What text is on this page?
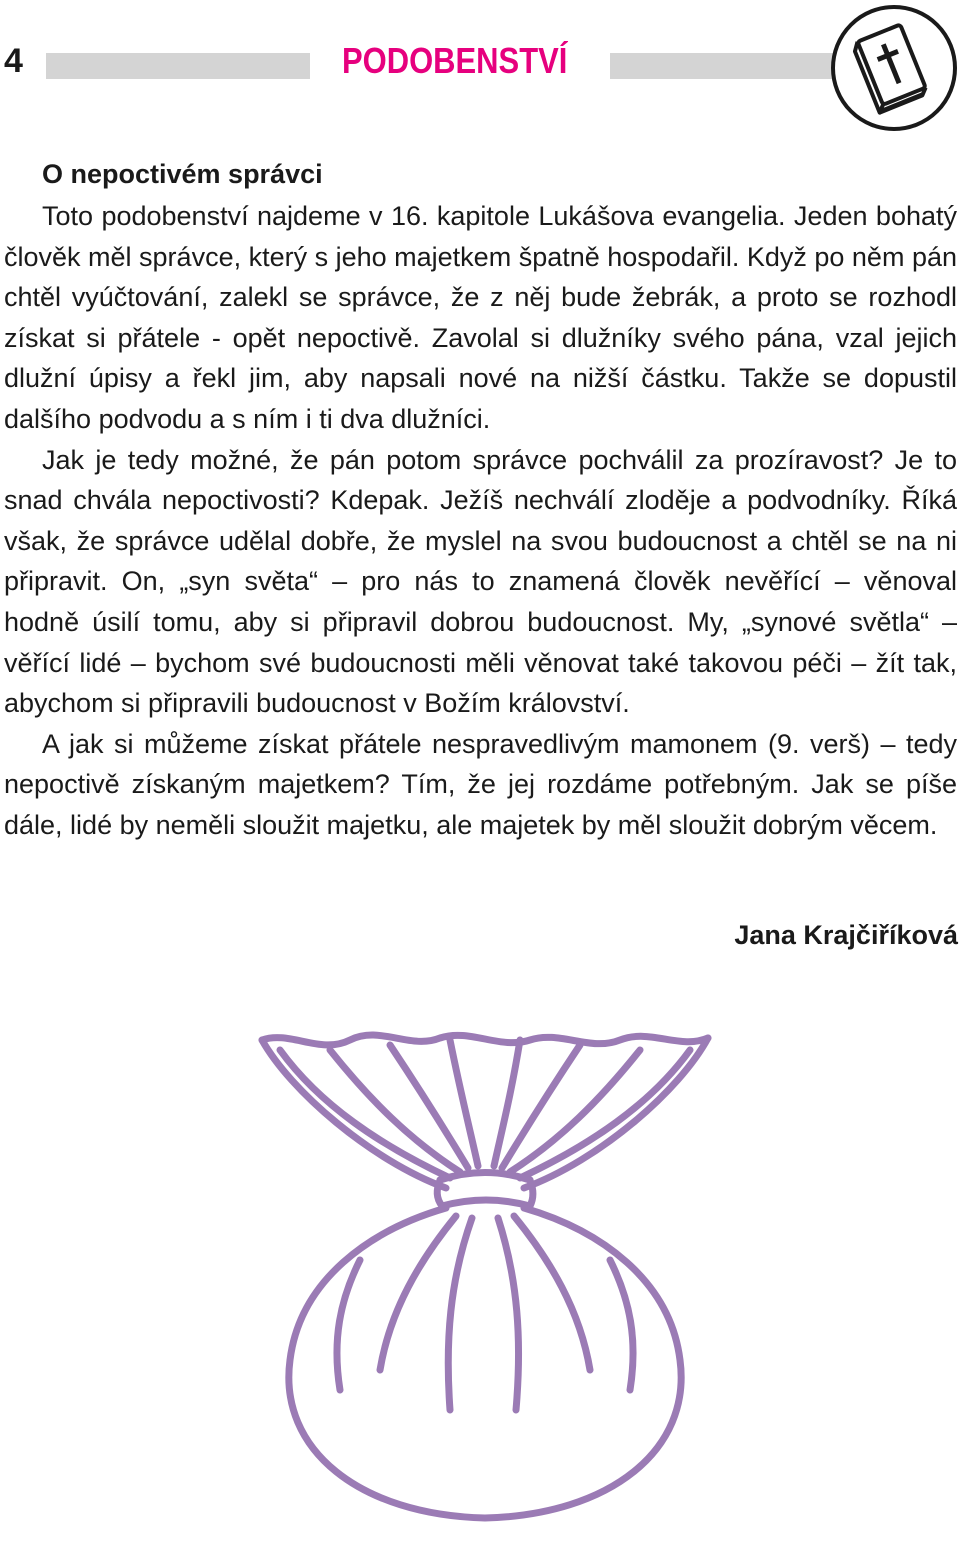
4	PODOBENSTVÍ
O nepoctivém správci

Toto podobenství najdeme v 16. kapitole Lukášova evangelia. Jeden bohatý člověk měl správce, který s jeho majetkem špatně hospodařil. Když po něm pán chtěl vyúčtování, zalekl se správce, že z něj bude žebrák, a proto se rozhodl získat si přátele - opět nepoctivě. Zavolal si dlužníky svého pána, vzal jejich dlužní úpisy a řekl jim, aby napsali nové na nižší částku. Takže se dopustil dalšího podvodu a s ním i ti dva dlužníci.

Jak je tedy možné, že pán potom správce pochválil za prozíravost? Je to snad chvála nepoctivosti? Kdepak. Ježíš nechválí zloděje a podvodníky. Říká však, že správce udělal dobře, že myslel na svou budoucnost a chtěl se na ni připravit. On, „syn světa“ – pro nás to znamená člověk nevěřící – věnoval hodně úsilí tomu, aby si připravil dobrou budoucnost. My, „synové světla“ – věřící lidé – bychom své budoucnosti měli věnovat také takovou péči – žít tak, abychom si připravili budoucnost v Božím království.

A jak si můžeme získat přátele nespravedlivým mamonem (9. verš) – tedy nepoctivě získaným majetkem? Tím, že jej rozdáme potřebným. Jak se píše dále, lidé by neměli sloužit majetku, ale majetek by měl sloužit dobrým věcem.

Jana Krajčiříková
